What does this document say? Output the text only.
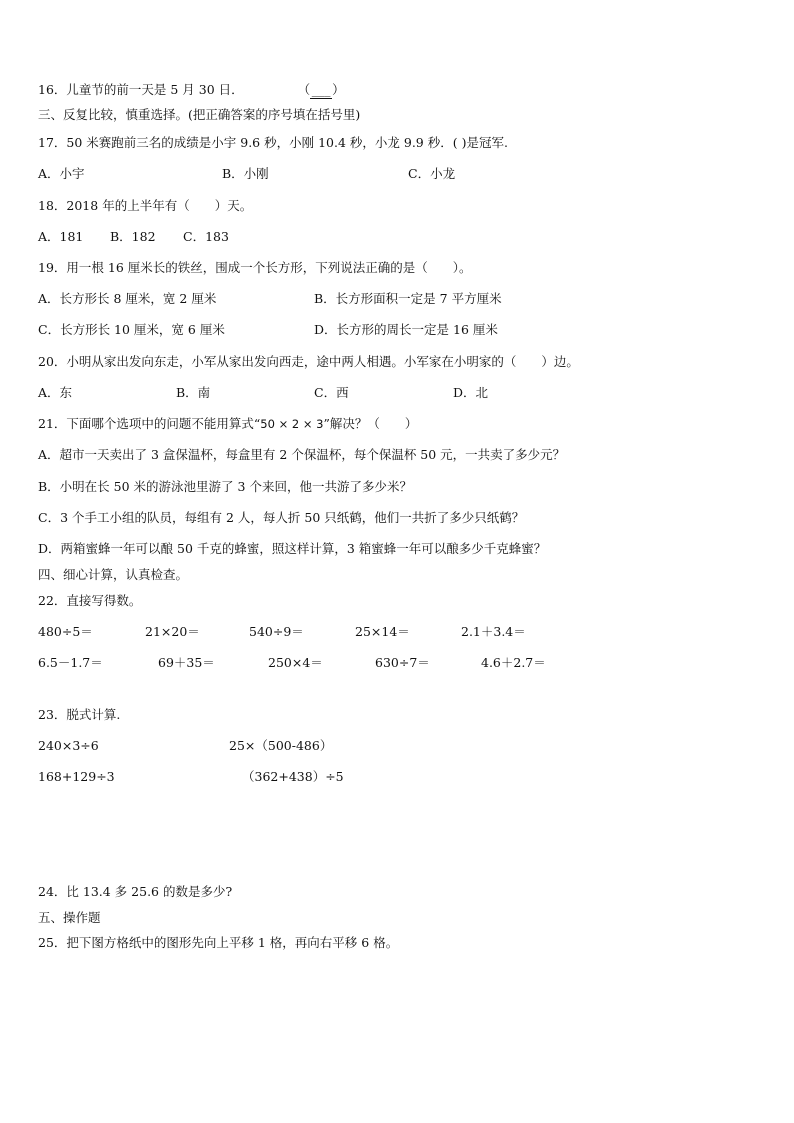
16．儿童节的前一天是 5 月 30 日．	（ ___ ）
三、反复比较，慎重选择。(把正确答案的序号填在括号里)
17．50 米赛跑前三名的成绩是小宇 9.6 秒，小刚 10.4 秒，小龙 9.9 秒．( )是冠军.
A．小宇	B．小刚	C．小龙
18．2018 年的上半年有（　　）天。
A．181 B．182 C．183
19．用一根 16 厘米长的铁丝，围成一个长方形，下列说法正确的是（　　）。
A．长方形长 8 厘米，宽 2 厘米	B．长方形面积一定是 7 平方厘米
C．长方形长 10 厘米，宽 6 厘米	D．长方形的周长一定是 16 厘米
20．小明从家出发向东走，小军从家出发向西走，途中两人相遇。小军家在小明家的（　　）边。
A．东	B．南	C．西	D．北
21．下面哪个选项中的问题不能用算式“50 × 2 × 3”解决？（　　）
A．超市一天卖出了 3 盒保温杯，每盒里有 2 个保温杯，每个保温杯 50 元，一共卖了多少元？
B．小明在长 50 米的游泳池里游了 3 个来回，他一共游了多少米？
C．3 个手工小组的队员，每组有 2 人，每人折 50 只纸鹤，他们一共折了多少只纸鹤？
D．两箱蜜蜂一年可以酿 50 千克的蜂蜜，照这样计算，3 箱蜜蜂一年可以酿多少千克蜂蜜？
四、细心计算，认真检查。
22．直接写得数。
480÷5＝	21×20＝	540÷9＝	25×14＝	2.1＋3.4＝
6.5－1.7＝	69＋35＝	250×4＝	630÷7＝	4.6＋2.7＝
23．脱式计算.
240×3÷6	25×（500-486）
168+129÷3	（362+438）÷5
24．比 13.4 多 25.6 的数是多少?
五、操作题
25．把下图方格纸中的图形先向上平移 1 格，再向右平移 6 格。
